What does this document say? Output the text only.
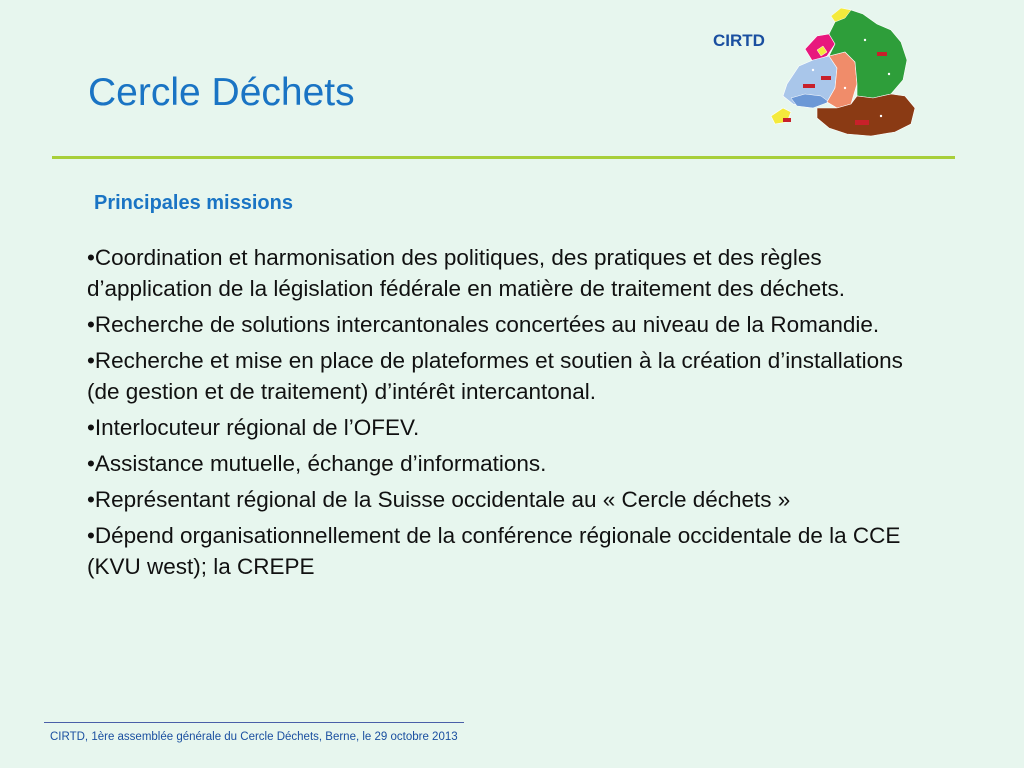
Cercle Déchets
CIRTD
Principales missions
•Coordination et harmonisation des politiques, des pratiques et des règles d’application de la législation fédérale en matière de traitement des déchets.
•Recherche de solutions intercantonales concertées au niveau de la Romandie.
•Recherche et mise en place de plateformes et soutien à la création d’installations (de gestion et de traitement) d’intérêt intercantonal.
•Interlocuteur régional de l’OFEV.
•Assistance mutuelle, échange d’informations.
•Représentant régional de la Suisse occidentale au « Cercle déchets »
•Dépend organisationnellement de la conférence régionale occidentale de la CCE (KVU west); la CREPE
CIRTD, 1ère assemblée générale du Cercle Déchets, Berne, le 29 octobre 2013
